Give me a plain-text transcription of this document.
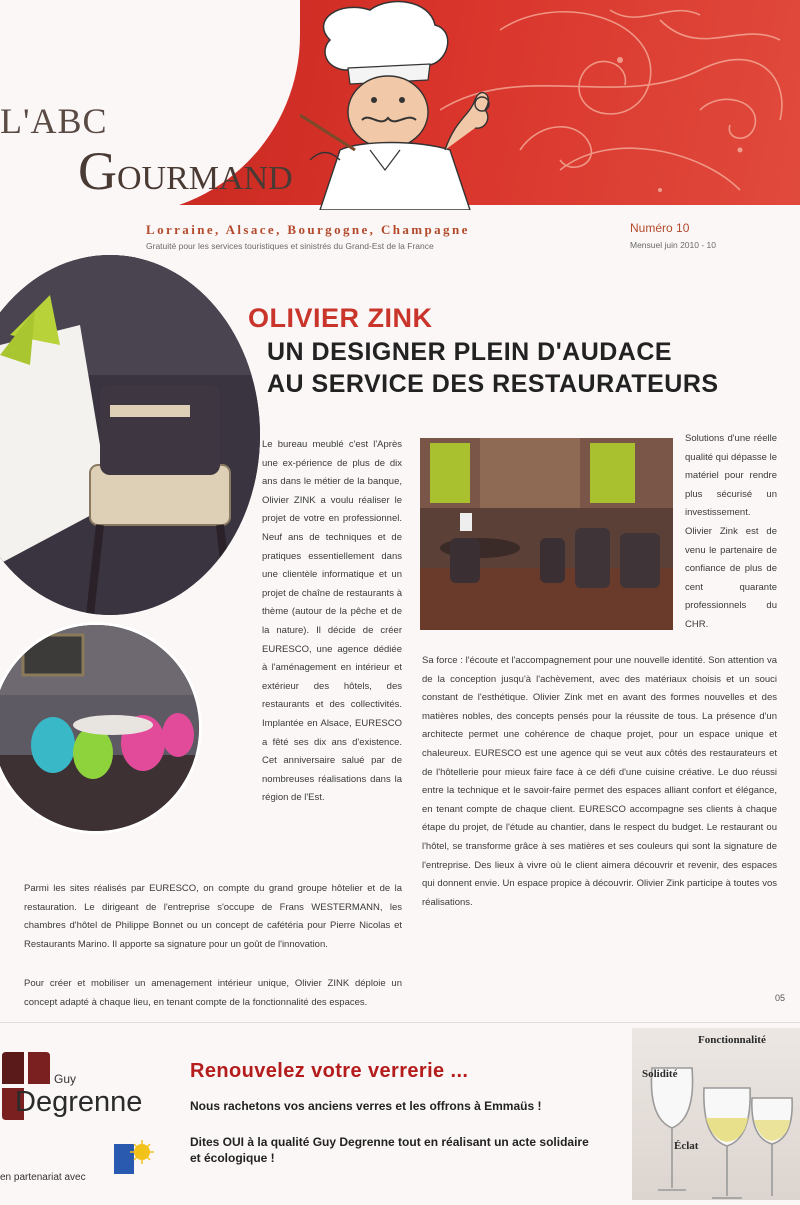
L'ABC
GOURMAND
Lorraine, Alsace, Bourgogne, Champagne
Gratuité pour les services touristiques et sinistrés du Grand-Est de la France
Numéro 10
Mensuel juin 2010 - 10
OLIVIER ZINK
UN DESIGNER PLEIN D'AUDACE
AU SERVICE DES RESTAURATEURS
Le bureau meublé c'est l'Après une ex-périence de plus de dix ans dans le métier de la banque, Olivier ZINK a voulu réaliser le projet de votre en professionnel. Neuf ans de techniques et de pratiques essentiellement dans une clientèle informatique et un projet de chaîne de restaurants à thème (autour de la pêche et de la nature). Il décide de créer EURESCO, une agence dédiée à l'aménagement en intérieur et extérieur des hôtels, des restaurants et des collectivités. Implantée en Alsace, EURESCO a fêté ses dix ans d'existence. Cet anniversaire salué par de nombreuses réalisations dans la région de l'Est.
Solutions d'une réelle qualité qui dépasse le matériel pour rendre plus sécurisé un investissement. Olivier Zink est de venu le partenaire de confiance de plus de cent quarante professionnels du CHR.
Sa force : l'écoute et l'accompagnement pour une nouvelle identité. Son attention va de la conception jusqu'à l'achèvement, avec des matériaux choisis et un souci constant de l'esthétique. Olivier Zink met en avant des formes nouvelles et des matières nobles, des concepts pensés pour la réussite de tous. La présence d'un architecte permet une cohérence de chaque projet, pour un espace unique et chaleureux. EURESCO est une agence qui se veut aux côtés des restaurateurs et de l'hôtellerie pour mieux faire face à ce défi d'une cuisine créative. Le duo réussi entre la technique et le savoir-faire permet des espaces alliant confort et élégance, en tenant compte de chaque client. EURESCO accompagne ses clients à chaque étape du projet, de l'étude au chantier, dans le respect du budget. Le restaurant ou l'hôtel, se transforme grâce à ses matières et ses couleurs qui sont la signature de l'entreprise. Des lieux à vivre où le client aimera découvrir et revenir, des espaces qui donnent envie. Un espace propice à découvrir. Olivier Zink participe à toutes vos réalisations.
Parmi les sites réalisés par EURESCO, on compte du grand groupe hôtelier et de la restauration. Le dirigeant de l'entreprise s'occupe de Frans WESTERMANN, les chambres d'hôtel de Philippe Bonnet ou un concept de cafétéria pour Pierre Nicolas et Restaurants Marino. Il apporte sa signature pour un goût de l'innovation.
Pour créer et mobiliser un amenagement intérieur unique, Olivier ZINK déploie un concept adapté à chaque lieu, en tenant compte de la fonctionnalité des espaces.	05
Guy
Degrenne
Renouvelez votre verrerie ...
Nous rachetons vos anciens verres et les offrons à Emmaüs !
Dites OUI à la qualité Guy Degrenne tout en réalisant un acte solidaire et écologique !
en partenariat avec
Fonctionnalité
Solidité
Éclat
